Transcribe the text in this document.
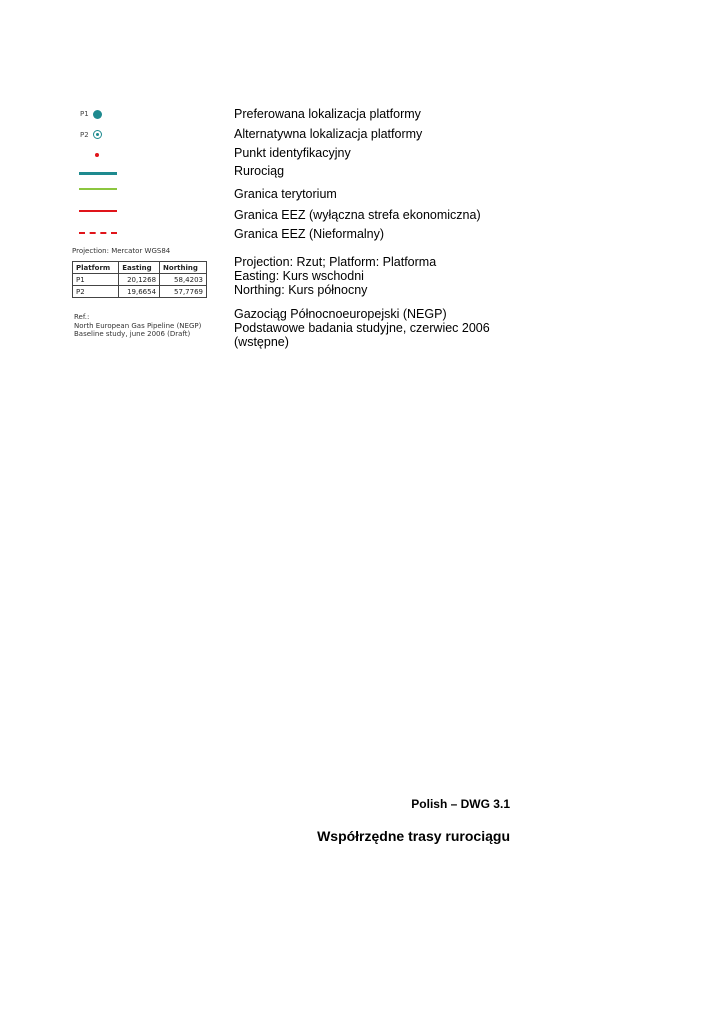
P1
P2
Preferowana lokalizacja platformy
Alternatywna lokalizacja platformy
Punkt identyfikacyjny
Rurociąg
Granica terytorium
Granica EEZ (wyłączna strefa ekonomiczna)
Granica EEZ (Nieformalny)
Projection: Mercator WGS84
Platform	Easting	Northing
P1	20,1268	58,4203
P2	19,6654	57,7769
Projection: Rzut; Platform: Platforma
Easting: Kurs wschodni
Northing: Kurs północny
Ref.:
North European Gas Pipeline (NEGP)
Baseline study, june 2006 (Draft)
Gazociąg Północnoeuropejski (NEGP)
Podstawowe badania studyjne, czerwiec 2006
(wstępne)
Polish – DWG 3.1
Współrzędne trasy rurociągu
